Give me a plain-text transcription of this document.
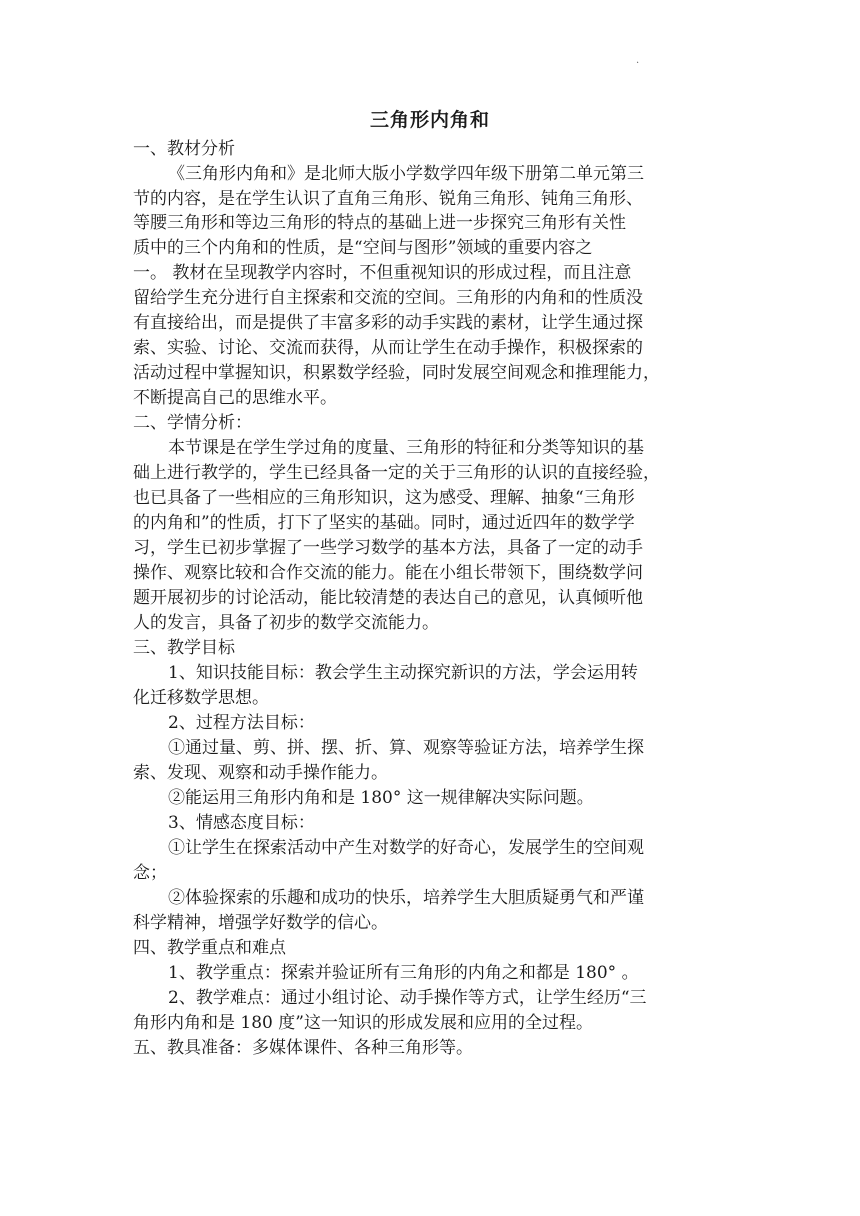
.
三角形内角和
一、教材分析
《三角形内角和》是北师大版小学数学四年级下册第二单元第三
节的内容，是在学生认识了直角三角形、锐角三角形、钝角三角形、
等腰三角形和等边三角形的特点的基础上进一步探究三角形有关性
质中的三个内角和的性质，是“空间与图形”领域的重要内容之
一。 教材在呈现教学内容时，不但重视知识的形成过程，而且注意
留给学生充分进行自主探索和交流的空间。三角形的内角和的性质没
有直接给出，而是提供了丰富多彩的动手实践的素材，让学生通过探
索、实验、讨论、交流而获得，从而让学生在动手操作，积极探索的
活动过程中掌握知识，积累数学经验，同时发展空间观念和推理能力，
不断提高自己的思维水平。
二、学情分析：
本节课是在学生学过角的度量、三角形的特征和分类等知识的基
础上进行教学的，学生已经具备一定的关于三角形的认识的直接经验，
也已具备了一些相应的三角形知识，这为感受、理解、抽象“三角形
的内角和”的性质，打下了坚实的基础。同时，通过近四年的数学学
习，学生已初步掌握了一些学习数学的基本方法，具备了一定的动手
操作、观察比较和合作交流的能力。能在小组长带领下，围绕数学问
题开展初步的讨论活动，能比较清楚的表达自己的意见，认真倾听他
人的发言，具备了初步的数学交流能力。
三、教学目标
1、知识技能目标：教会学生主动探究新识的方法，学会运用转
化迁移数学思想。
2、过程方法目标：
①通过量、剪、拼、摆、折、算、观察等验证方法，培养学生探
索、发现、观察和动手操作能力。
②能运用三角形内角和是 180° 这一规律解决实际问题。
3、情感态度目标：
①让学生在探索活动中产生对数学的好奇心，发展学生的空间观
念；
②体验探索的乐趣和成功的快乐，培养学生大胆质疑勇气和严谨
科学精神，增强学好数学的信心。
四、教学重点和难点
1、教学重点：探索并验证所有三角形的内角之和都是 180° 。
2、教学难点：通过小组讨论、动手操作等方式，让学生经历“三
角形内角和是 180 度”这一知识的形成发展和应用的全过程。
五、教具准备：多媒体课件、各种三角形等。
